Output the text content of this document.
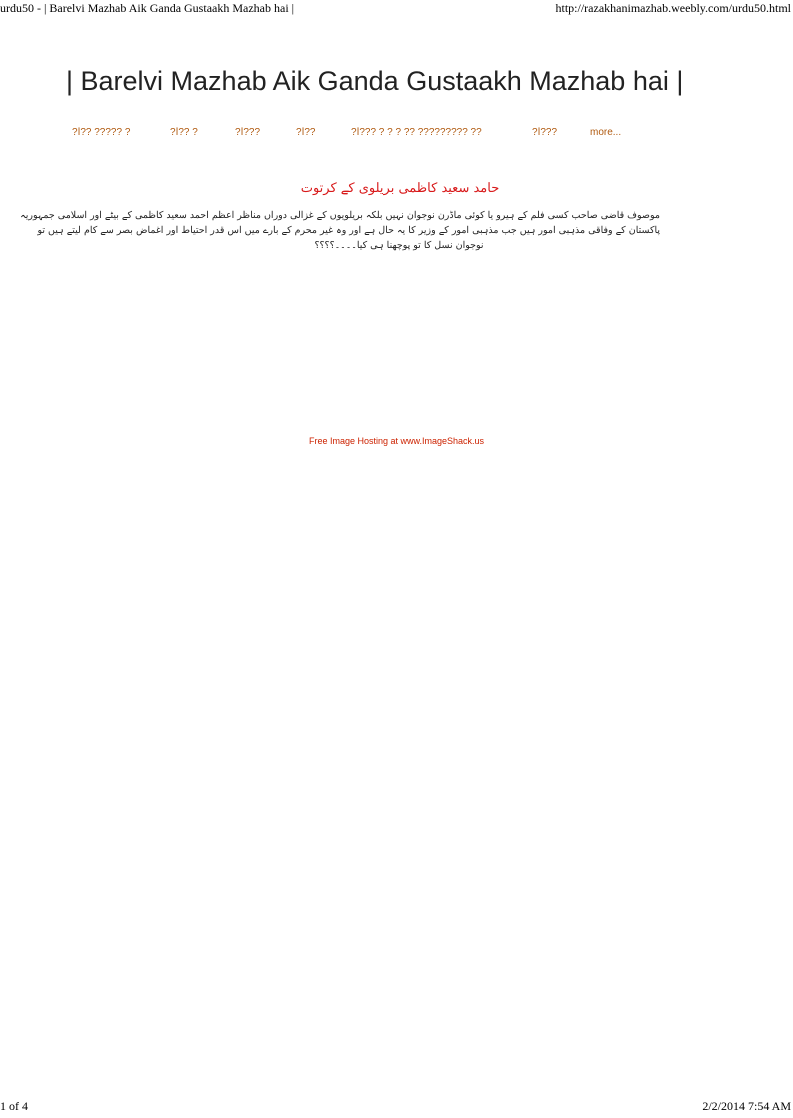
urdu50 - | Barelvi Mazhab Aik Ganda Gustaakh Mazhab hai |	http://razakhanimazhab.weebly.com/urdu50.html
| Barelvi Mazhab Aik Ganda Gustaakh Mazhab hai |
?ا?? ????? ?	?ا?? ?	?ا???	?ا??	?ا??? ? ? ? ?? ????????? ??	?ا???	more...
حامد سعید کاظمی بریلوی کے کرتوت
موصوف قاضی صاحب کسی فلم کے ہیرو یا کوئی ماڈرن نوجوان نہیں بلکہ بریلویوں کے غزالی دوراں مناظر اعظم احمد سعید کاظمی کے بیٹے اور اسلامی جمہوریہ
پاکستان کے وفاقی مذہبی امور ہیں جب مذہبی امور کے وزیر کا یہ حال ہے اور وہ غیر محرم کے بارے میں اس قدر احتیاط اور اغماض بصر سے کام لیتے ہیں تو
نوجوان نسل کا تو پوچھنا ہی کیا۔۔۔۔؟؟؟؟
Free Image Hosting at www.ImageShack.us
1 of 4	2/2/2014 7:54 AM
